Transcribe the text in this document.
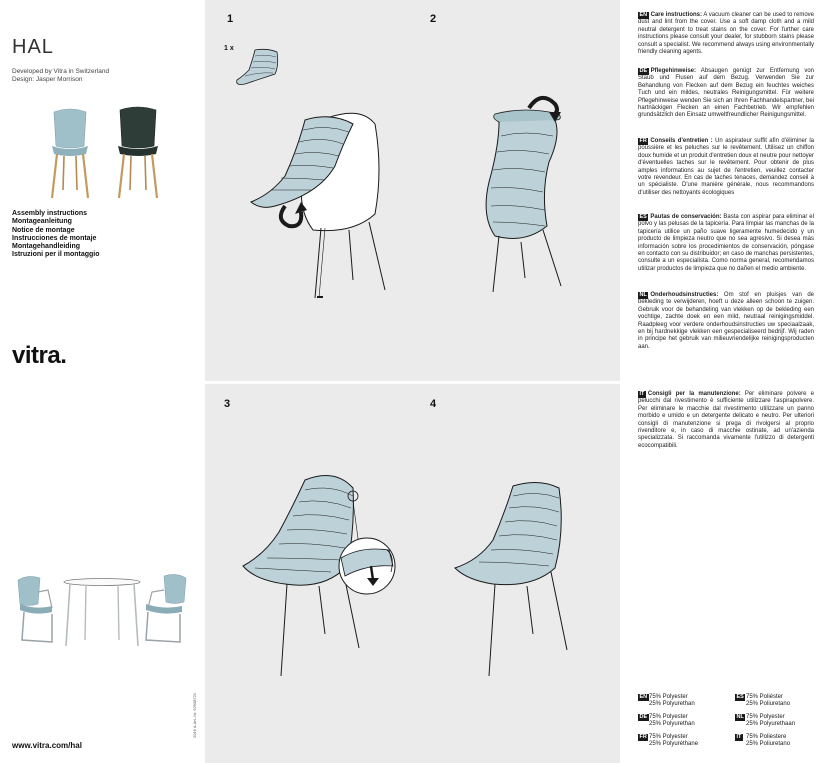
HAL
Developed by Vitra in Switzerland
Design: Jasper Morrison
Assembly instructions
Montageanleitung
Notice de montage
Instrucciones de montaje
Montagehandleiding
Istruzioni per il montaggio
vitra.
www.vitra.com/hal
2016 & Art.-Nr. 62908721
1
1 x
2
3	4
EN Care instructions: A vacuum cleaner can be used to remove dust and lint from the cover. Use a soft damp cloth and a mild neutral detergent to treat stains on the cover. For further care instructions please consult your dealer, for stubborn stains please consult a specialist. We recommend always using environmentally friendly cleaning agents.
DE Pflegehinweise: Absaugen genügt zur Entfernung von Staub und Flusen auf dem Bezug. Verwenden Sie zur Behandlung von Flecken auf dem Bezug ein feuchtes weiches Tuch und ein mildes, neutrales Reinigungsmittel. Für weitere Pflegehinweise wenden Sie sich an Ihren Fachhandelspartner, bei hartnäckigen Flecken an einen Fachbetrieb. Wir empfehlen grundsätzlich den Einsatz umweltfreundlicher Reinigungsmittel.
FR Conseils d'entretien : Un aspirateur suffit afin d'éliminer la poussière et les peluches sur le revêtement. Utilisez un chiffon doux humide et un produit d'entretien doux et neutre pour nettoyer d'éventuelles taches sur le revêtement. Pour obtenir de plus amples informations au sujet de l'entretien, veuillez contacter votre revendeur. En cas de taches tenaces, demandez conseil à un spécialiste. D'une manière générale, nous recommandons d'utiliser des nettoyants écologiques
ES Pautas de conservación: Basta con aspirar para eliminar el polvo y las pelusas de la tapicería. Para limpiar las manchas de la tapicería utilice un paño suave ligeramente humedecido y un producto de limpieza neutro que no sea agresivo. Si desea más información sobre los procedimientos de conservación, póngase en contacto con su distribuidor; en caso de manchas persistentes, consulte a un especialista. Como norma general, recomendamos utilizar productos de limpieza que no dañen el medio ambiente.
NL Onderhoudsinstructies: Om stof en pluisjes van de bekleding te verwijderen, hoeft u deze alleen schoon te zuigen. Gebruik voor de behandeling van vlekken op de bekleding een vochtige, zachte doek en een mild, neutraal reinigingsmiddel. Raadpleeg voor verdere onderhoudsinstructies uw speciaalzaak, en bij hardnekkige vlekken een gespecialiseerd bedrijf. Wij raden in principe het gebruik van milieuvriendelijke reinigingsproducten aan.
IT Consigli per la manutenzione: Per eliminare polvere e pelucchi dal rivestimento è sufficiente utilizzare l'aspirapolvere. Per eliminare le macchie dal rivestimento utilizzare un panno morbido e umido e un detergente delicato e neutro. Per ulteriori consigli di manutenzione si prega di rivolgersi al proprio rivenditore e, in caso di macchie ostinate, ad un'azienda specializzata. Si raccomanda vivamente l'utilizzo di detergenti ecocompatibili.
EN 75% Polyester
25% Polyurethan
ES 75% Poliéster
25% Poliuretano
DE 75% Polyester
25% Polyurethan
NL 75% Polyester
25% Polyurethaan
FR 75% Polyester
25% Polyuréthane
IT 75% Poliestere
25% Poliuretano
